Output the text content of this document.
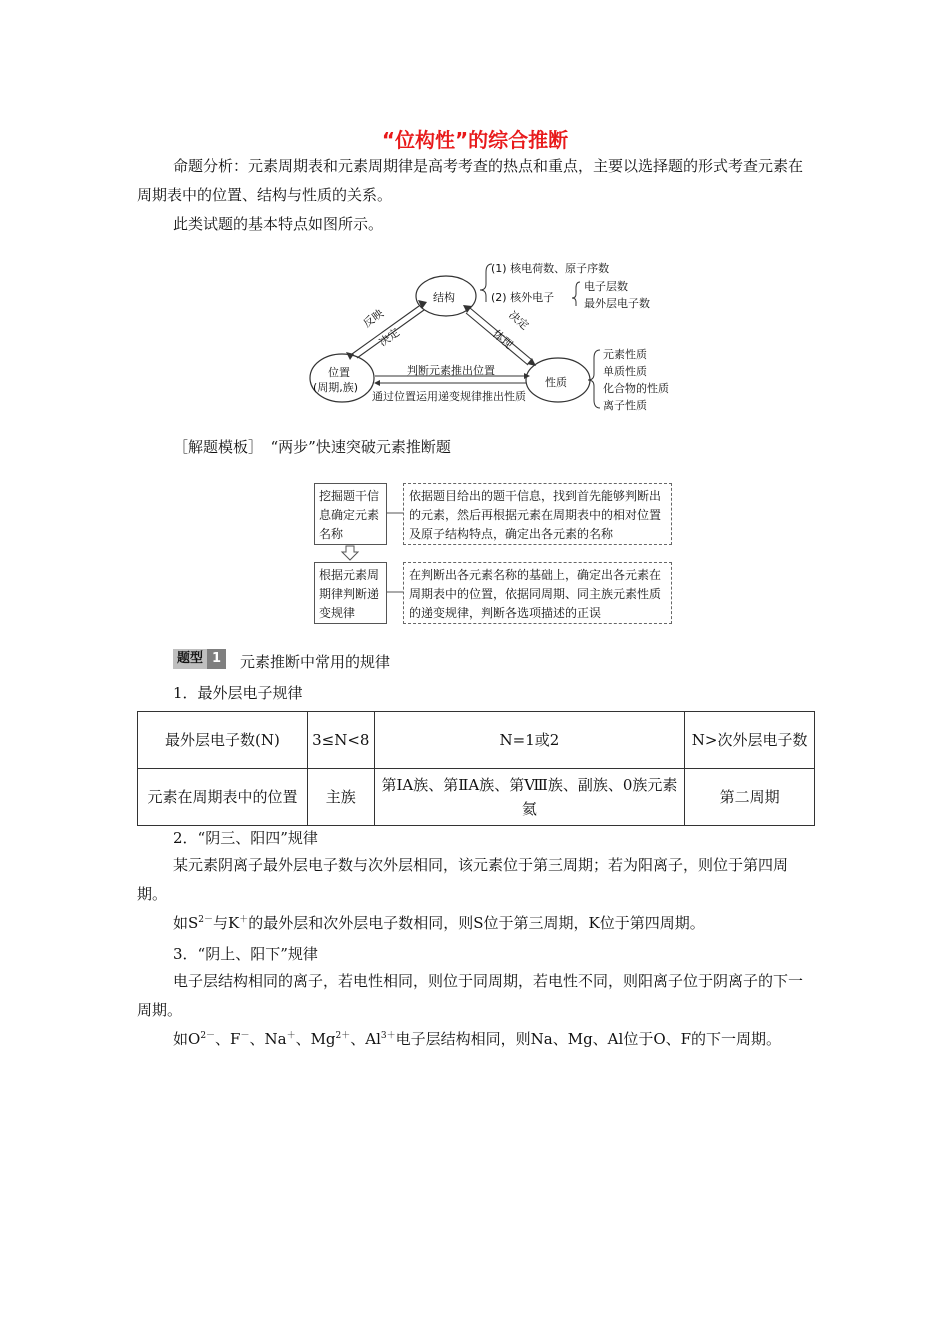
“位构性”的综合推断

命题分析：元素周期表和元素周期律是高考考查的热点和重点，主要以选择题的形式考查元素在周期表中的位置、结构与性质的关系。

此类试题的基本特点如图所示。

结构
位置
(周期,族)	性质
(1) 核电荷数、原子序数
(2) 核外电子
电子层数
最外层电子数
反映
决定
决定
体现
判断元素推出位置
通过位置运用递变规律推出性质
元素性质
单质性质
化合物的性质
离子性质
［解题模板］　“两步”快速突破元素推断题
挖掘题干信息确定元素名称
依据题目给出的题干信息，找到首先能够判断出的元素，然后再根据元素在周期表中的相对位置及原子结构特点，确定出各元素的名称
根据元素周期律判断递变规律
在判断出各元素名称的基础上，确定出各元素在周期表中的位置，依据同周期、同主族元素性质的递变规律，判断各选项描述的正误
题型 1	元素推断中常用的规律
1．最外层电子规律
最外层电子数(N)	3≤N<8	N=1或2	N>次外层电子数
元素在周期表中的位置	主族	第ⅠA族、第ⅡA族、第Ⅷ族、副族、0族元素氦	第二周期
2．“阴三、阳四”规律

某元素阴离子最外层电子数与次外层相同，该元素位于第三周期；若为阳离子，则位于第四周期。

如$S^{2-}$与K＋的最外层和次外层电子数相同，则S位于第三周期，K位于第四周期。

3．“阴上、阳下”规律

电子层结构相同的离子，若电性相同，则位于同周期，若电性不同，则阳离子位于阴离子的下一周期。

如$O^{2-}$、F－、Na＋、$Mg^{2+}$、$Al^{3+}$电子层结构相同，则Na、Mg、Al位于O、F的下一周期。
